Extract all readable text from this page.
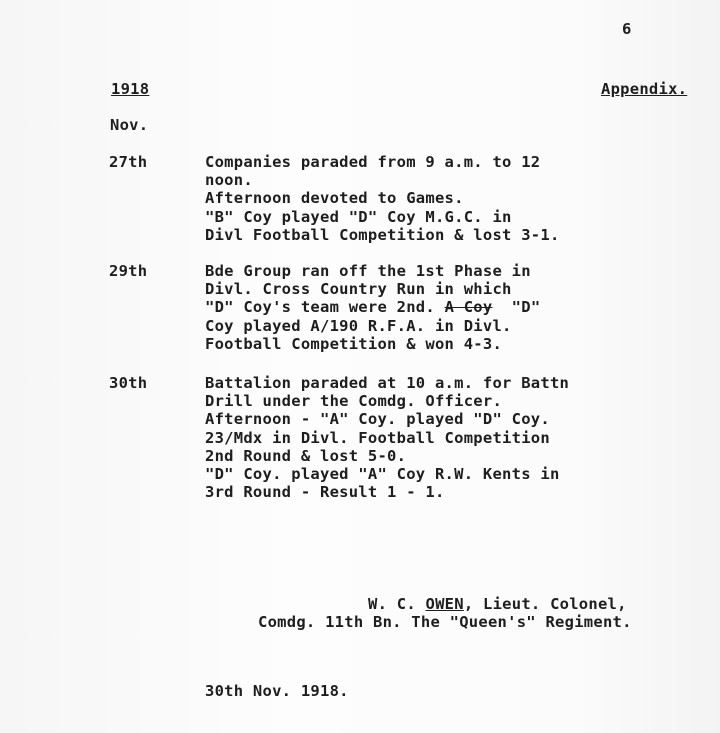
6
1918	Appendix.
Nov.
27th	Companies paraded from 9 a.m. to 12
noon.
Afternoon devoted to Games.
"B" Coy played "D" Coy M.G.C. in
Divl Football Competition & lost 3-1.
29th	Bde Group ran off the 1st Phase in
Divl. Cross Country Run in which
"D" Coy's team were 2nd. A Coy "D"
Coy played A/190 R.F.A. in Divl.
Football Competition & won 4-3.
30th	Battalion paraded at 10 a.m. for Battn
Drill under the Comdg. Officer.
Afternoon - "A" Coy. played "D" Coy.
23/Mdx in Divl. Football Competition
2nd Round & lost 5-0.
"D" Coy. played "A" Coy R.W. Kents in
3rd Round - Result 1 - 1.
W. C. OWEN, Lieut. Colonel,
Comdg. 11th Bn. The "Queen's" Regiment.
30th Nov. 1918.
